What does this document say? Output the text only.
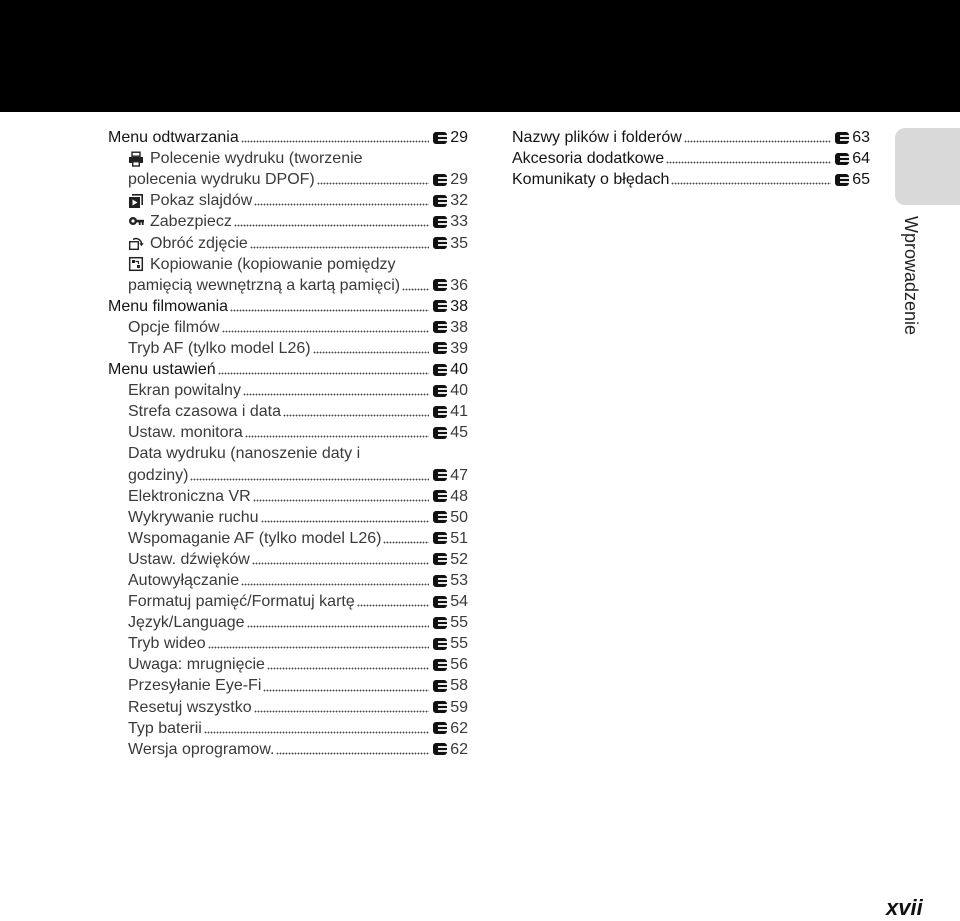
Menu odtwarzania	29
Polecenie wydruku (tworzenie
polecenia wydruku DPOF)	29
Pokaz slajdów	32
Zabezpiecz	33
Obróć zdjęcie	35
Kopiowanie (kopiowanie pomiędzy
pamięcią wewnętrzną a kartą pamięci)	36
Menu filmowania	38
Opcje filmów	38
Tryb AF (tylko model L26)	39
Menu ustawień	40
Ekran powitalny	40
Strefa czasowa i data	41
Ustaw. monitora	45
Data wydruku (nanoszenie daty i
godziny)	47
Elektroniczna VR	48
Wykrywanie ruchu	50
Wspomaganie AF (tylko model L26)	51
Ustaw. dźwięków	52
Autowyłączanie	53
Formatuj pamięć/Formatuj kartę	54
Język/Language	55
Tryb wideo	55
Uwaga: mrugnięcie	56
Przesyłanie Eye-Fi	58
Resetuj wszystko	59
Typ baterii	62
Wersja oprogramow.	62
Nazwy plików i folderów	63
Akcesoria dodatkowe	64
Komunikaty o błędach	65
Wprowadzenie
xvii
